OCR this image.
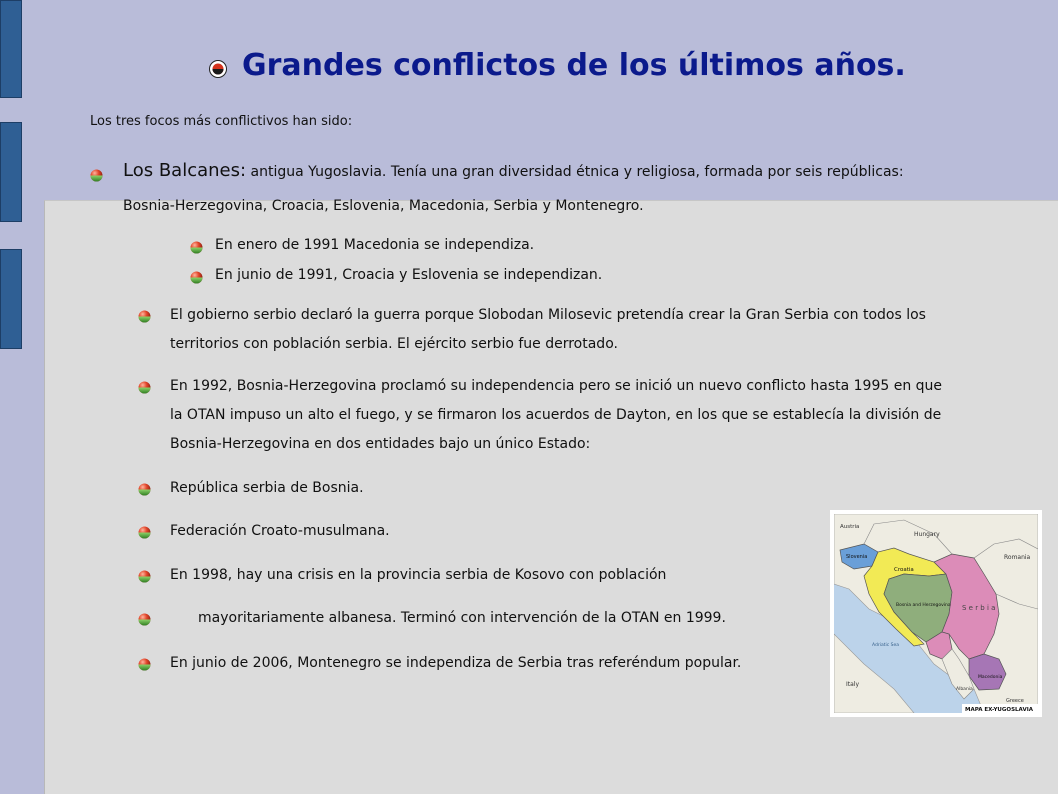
Grandes conflictos de los últimos años.
Los tres focos más conflictivos han sido:
Los Balcanes: antigua Yugoslavia. Tenía una gran diversidad étnica y religiosa, formada por seis repúblicas:
Bosnia-Herzegovina, Croacia, Eslovenia, Macedonia, Serbia y Montenegro.
En enero de 1991 Macedonia se independiza.
En junio de 1991, Croacia y Eslovenia se independizan.
El gobierno serbio declaró la guerra porque Slobodan Milosevic pretendía crear la Gran Serbia con todos los
territorios con población serbia. El ejército serbio fue derrotado.
En 1992, Bosnia-Herzegovina proclamó su independencia pero se inició un nuevo conflicto hasta 1995 en que
la OTAN impuso un alto el fuego, y se firmaron los acuerdos de Dayton, en los que se establecía la división de
Bosnia-Herzegovina en dos entidades bajo un único Estado:
República serbia de Bosnia.
Federación Croato-musulmana.
En 1998, hay una crisis en la provincia serbia de Kosovo con población
mayoritariamente albanesa. Terminó con intervención de la OTAN en 1999.
En junio de 2006, Montenegro se independiza de Serbia tras referéndum popular.
Austria
Hungary
Romania
Slovenia
Croatia
Bosnia and Herzegovina S e r b i a
Italy
Adriatic Sea
Albania
Macedonia
Greece
MAPA EX-YUGOSLAVIA
